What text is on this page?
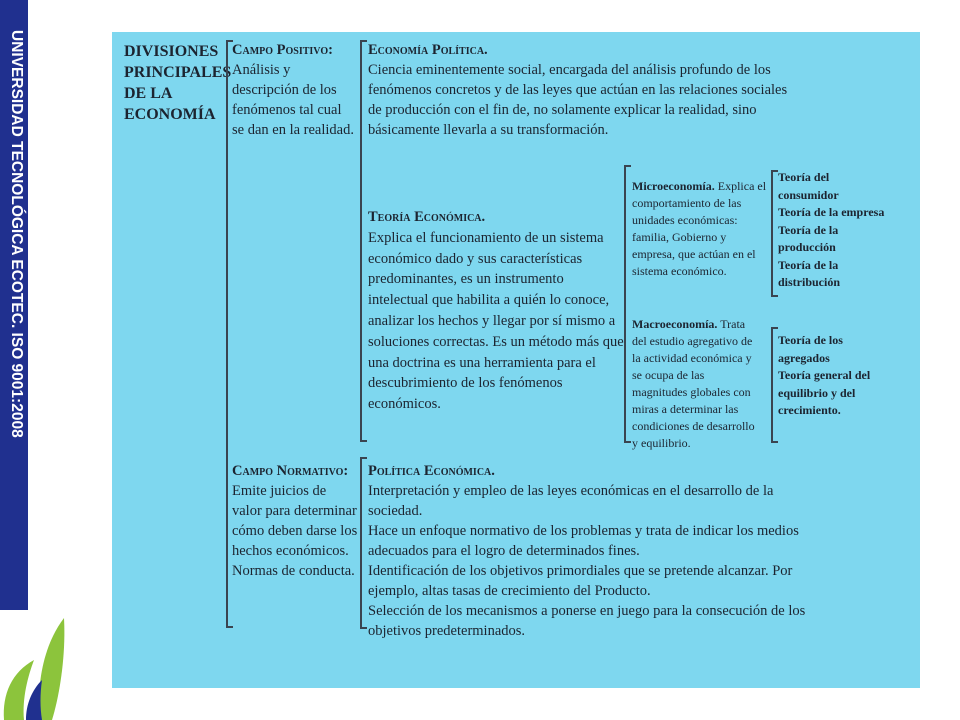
UNIVERSIDAD TECNOLÓGICA ECOTEC. ISO 9001:2008	DIVISIONES
PRINCIPALES
DE LA
ECONOMÍA
Campo Positivo:
Análisis y descripción de los fenómenos tal cual se dan en la realidad.
Economía Política.
Ciencia eminentemente social, encargada del análisis profundo de los fenómenos concretos y de las leyes que actúan en las relaciones sociales de producción con el fin de, no solamente explicar la realidad, sino básicamente llevarla a su transformación.
Teoría Económica.
Explica el funcionamiento de un sistema económico dado y sus características predominantes, es un instrumento intelectual que habilita a quién lo conoce, analizar los hechos y llegar por sí mismo a soluciones correctas. Es un método más que una doctrina es una herramienta para el descubrimiento de los fenómenos económicos.
Microeconomía. Explica el comportamiento de las unidades económicas: familia, Gobierno y empresa, que actúan en el sistema económico.
Teoría del consumidor
Teoría de la empresa
Teoría de la producción
Teoría de la distribución
Macroeconomía. Trata del estudio agregativo de la actividad económica y se ocupa de las magnitudes globales con miras a determinar las condiciones de desarrollo y equilibrio.
Teoría de los agregados
Teoría general del equilibrio y del crecimiento.
Campo Normativo:
Emite juicios de valor para determinar cómo deben darse los hechos económicos. Normas de conducta.
Política Económica.
Interpretación y empleo de las leyes económicas en el desarrollo de la sociedad.
Hace un enfoque normativo de los problemas y trata de indicar los medios adecuados para el logro de determinados fines.
Identificación de los objetivos primordiales que se pretende alcanzar. Por ejemplo, altas tasas de crecimiento del Producto.
Selección de los mecanismos a ponerse en juego para la consecución de los objetivos predeterminados.
